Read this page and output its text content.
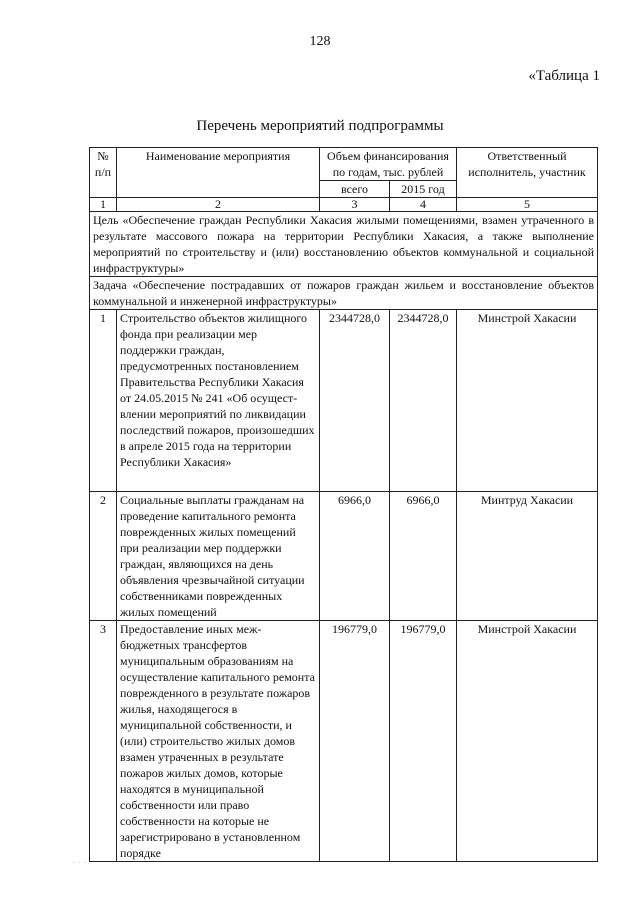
128
«Таблица 1
Перечень мероприятий подпрограммы
№ п/п	Наименование мероприятия	Объем финансирования по годам, тыс. рублей		Ответственный исполнитель, участник
		всего	2015 год	
1	2	3	4	5
Цель «Обеспечение граждан Республики Хакасия жилыми помещениями, взамен утраченного в результате массового пожара на территории Республики Хакасия, а также выполнение мероприятий по строительству и (или) восстановлению объектов коммунальной и социальной инфраструктуры»				
Задача «Обеспечение пострадавших от пожаров граждан жильем и восстановление объектов коммунальной и инженерной инфраструктуры»				
1	Строительство объектов жилищного фонда при реализации мер поддержки граждан, предусмотренных постановлением Правительства Республики Хакасия от 24.05.2015 № 241 «Об осущест-влении мероприятий по ликвидации последствий пожаров, произошедших в апреле 2015 года на территории Республики Хакасия»	2344728,0	2344728,0	Минстрой Хакасии
2	Социальные выплаты гражданам на проведение капитального ремонта поврежденных жилых помещений при реализации мер поддержки граждан, являющихся на день объявления чрезвычайной ситуации собственниками поврежденных жилых помещений	6966,0	6966,0	Минтруд Хакасии
3	Предоставление иных меж-бюджетных трансфертов муниципальным образованиям на осуществление капитального ремонта поврежденного в результате пожаров жилья, находящегося в муниципальной собственности, и (или) строительство жилых домов взамен утраченных в результате пожаров жилых домов, которые находятся в муниципальной собственности или право собственности на которые не зарегистрировано в установленном порядке	196779,0	196779,0	Минстрой Хакасии
· · ·
